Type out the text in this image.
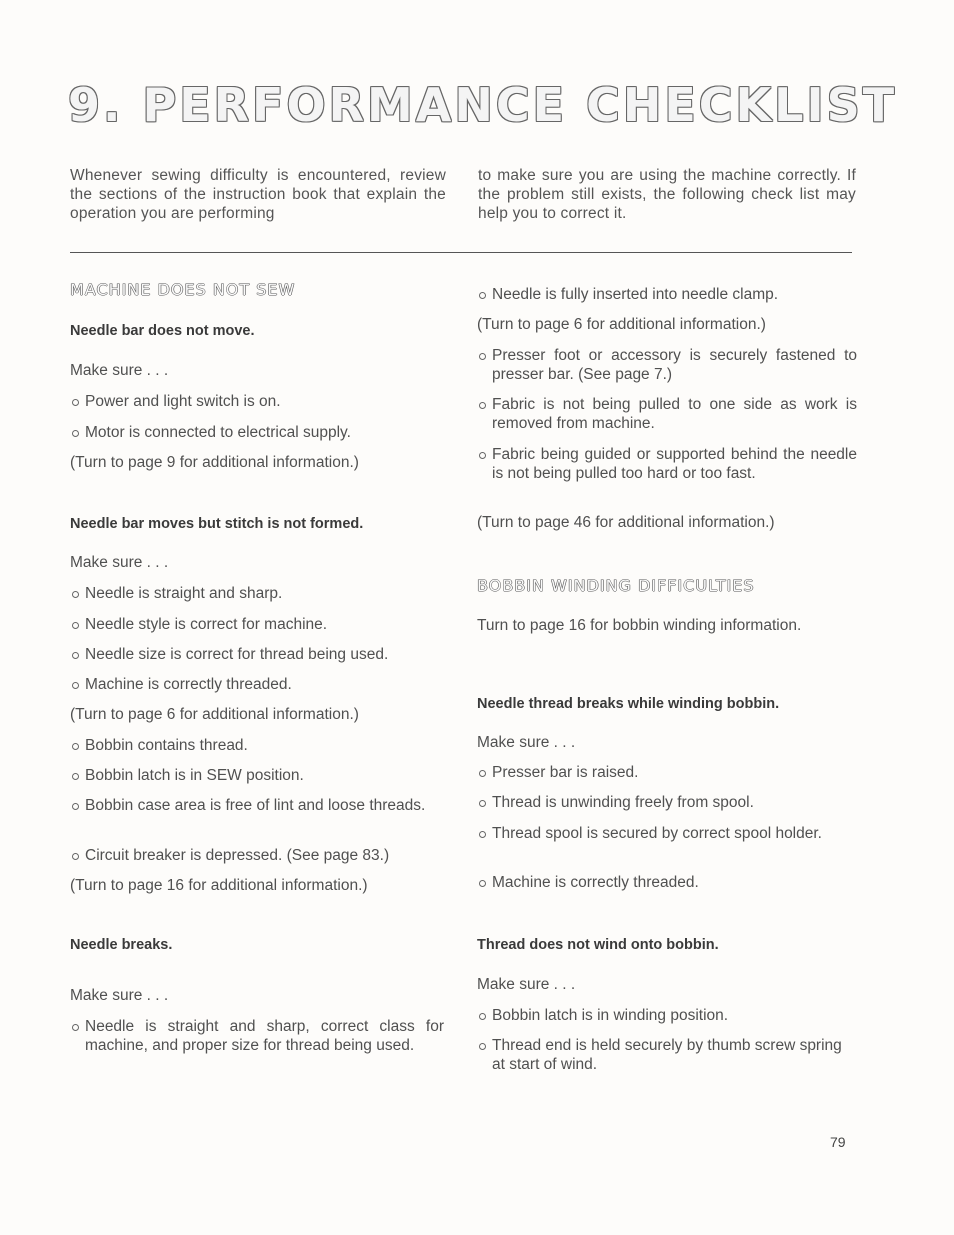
9. PERFORMANCE CHECKLIST
Whenever sewing difficulty is encountered, review the sections of the instruction book that explain the operation you are performing
to make sure you are using the machine correctly. If the problem still exists, the following check list may help you to correct it.
MACHINE DOES NOT SEW
Needle bar does not move.
Make sure . . .
Power and light switch is on.
Motor is connected to electrical supply.
(Turn to page 9 for additional information.)
Needle bar moves but stitch is not formed.
Make sure . . .
Needle is straight and sharp.
Needle style is correct for machine.
Needle size is correct for thread being used.
Machine is correctly threaded.
(Turn to page 6 for additional information.)
Bobbin contains thread.
Bobbin latch is in SEW position.
Bobbin case area is free of lint and loose threads.
Circuit breaker is depressed. (See page 83.)
(Turn to page 16 for additional information.)
Needle breaks.
Make sure . . .
Needle is straight and sharp, correct class for machine, and proper size for thread being used.
Needle is fully inserted into needle clamp.
(Turn to page 6 for additional information.)
Presser foot or accessory is securely fastened to presser bar. (See page 7.)
Fabric is not being pulled to one side as work is removed from machine.
Fabric being guided or supported behind the needle is not being pulled too hard or too fast.
(Turn to page 46 for additional information.)
BOBBIN WINDING DIFFICULTIES
Turn to page 16 for bobbin winding information.
Needle thread breaks while winding bobbin.
Make sure . . .
Presser bar is raised.
Thread is unwinding freely from spool.
Thread spool is secured by correct spool holder.
Machine is correctly threaded.
Thread does not wind onto bobbin.
Make sure . . .
Bobbin latch is in winding position.
Thread end is held securely by thumb screw spring at start of wind.
79
